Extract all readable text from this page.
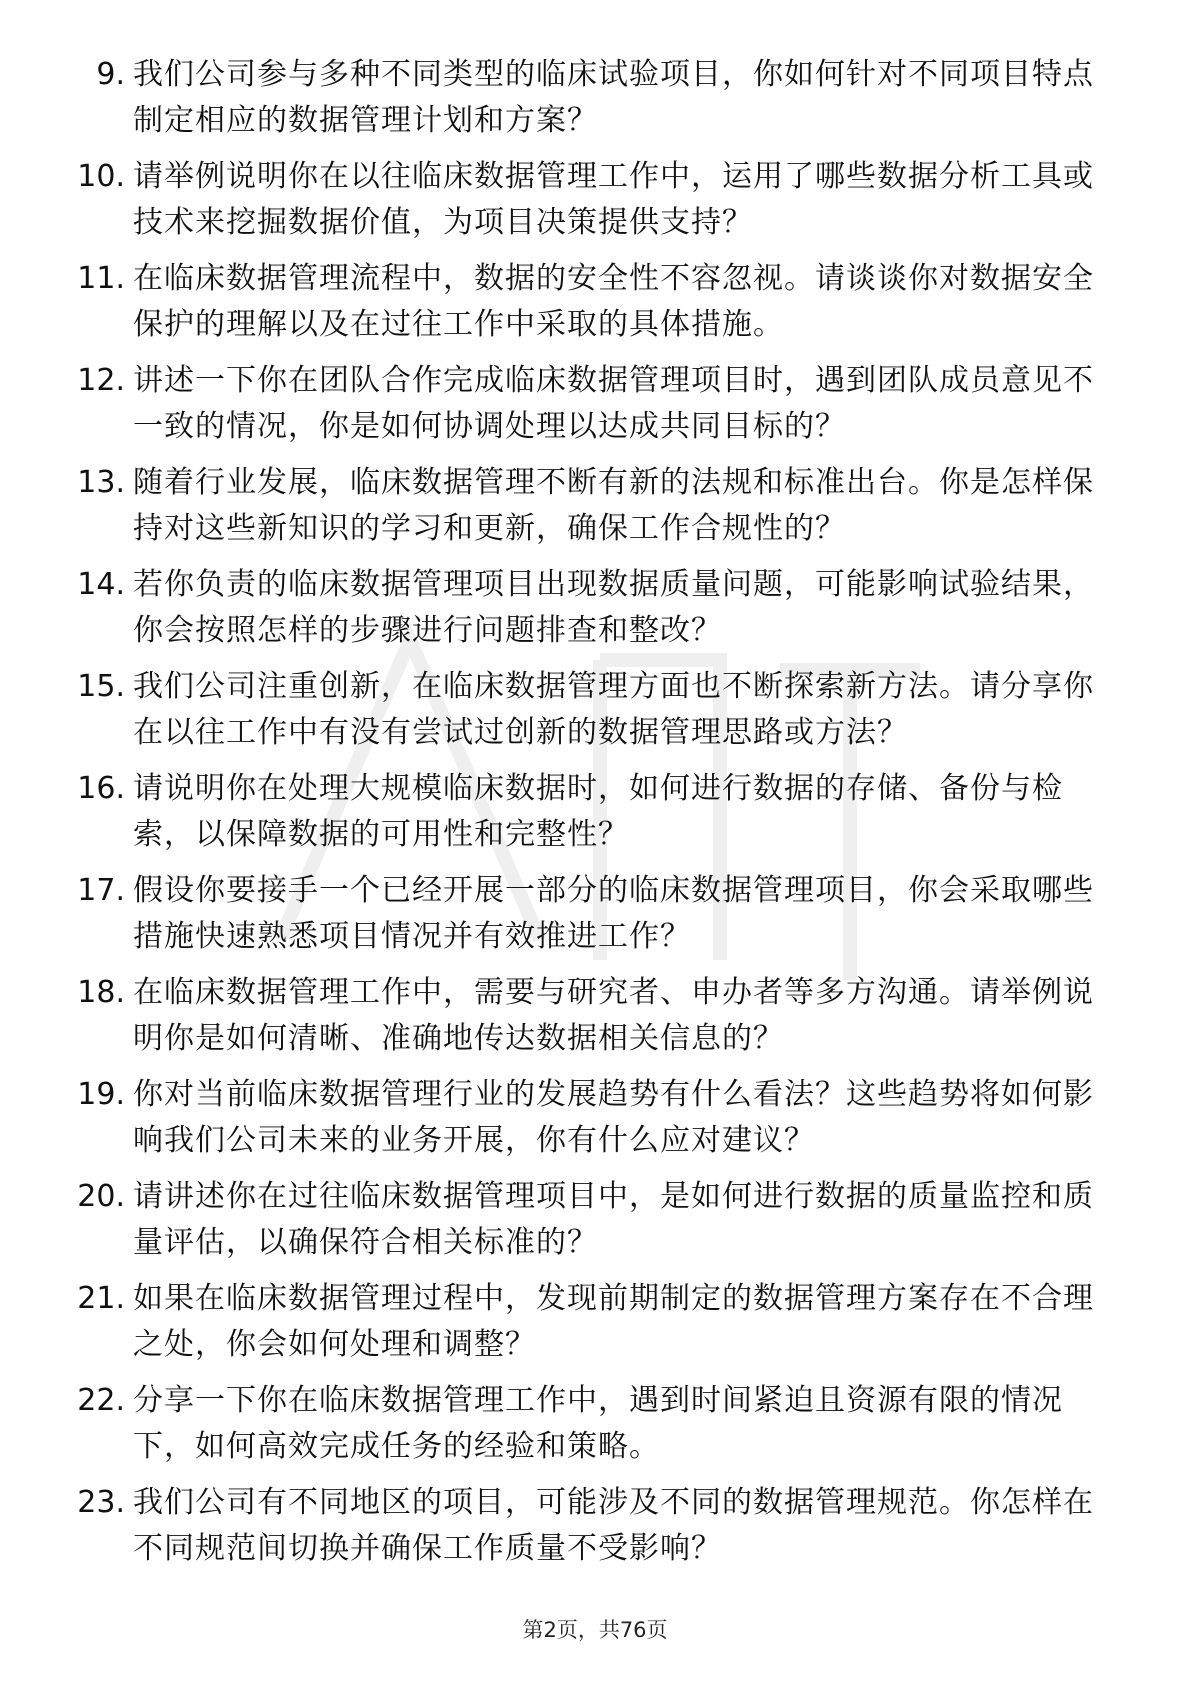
9. 我们公司参与多种不同类型的临床试验项目，你如何针对不同项目特点制定相应的数据管理计划和方案？
10. 请举例说明你在以往临床数据管理工作中，运用了哪些数据分析工具或技术来挖掘数据价值，为项目决策提供支持？
11. 在临床数据管理流程中，数据的安全性不容忽视。请谈谈你对数据安全保护的理解以及在过往工作中采取的具体措施。
12. 讲述一下你在团队合作完成临床数据管理项目时，遇到团队成员意见不一致的情况，你是如何协调处理以达成共同目标的？
13. 随着行业发展，临床数据管理不断有新的法规和标准出台。你是怎样保持对这些新知识的学习和更新，确保工作合规性的？
14. 若你负责的临床数据管理项目出现数据质量问题，可能影响试验结果，你会按照怎样的步骤进行问题排查和整改？
15. 我们公司注重创新，在临床数据管理方面也不断探索新方法。请分享你在以往工作中有没有尝试过创新的数据管理思路或方法？
16. 请说明你在处理大规模临床数据时，如何进行数据的存储、备份与检索，以保障数据的可用性和完整性？
17. 假设你要接手一个已经开展一部分的临床数据管理项目，你会采取哪些措施快速熟悉项目情况并有效推进工作？
18. 在临床数据管理工作中，需要与研究者、申办者等多方沟通。请举例说明你是如何清晰、准确地传达数据相关信息的？
19. 你对当前临床数据管理行业的发展趋势有什么看法？这些趋势将如何影响我们公司未来的业务开展，你有什么应对建议？
20. 请讲述你在过往临床数据管理项目中，是如何进行数据的质量监控和质量评估，以确保符合相关标准的？
21. 如果在临床数据管理过程中，发现前期制定的数据管理方案存在不合理之处，你会如何处理和调整？
22. 分享一下你在临床数据管理工作中，遇到时间紧迫且资源有限的情况下，如何高效完成任务的经验和策略。
23. 我们公司有不同地区的项目，可能涉及不同的数据管理规范。你怎样在不同规范间切换并确保工作质量不受影响？
第2页，共76页
